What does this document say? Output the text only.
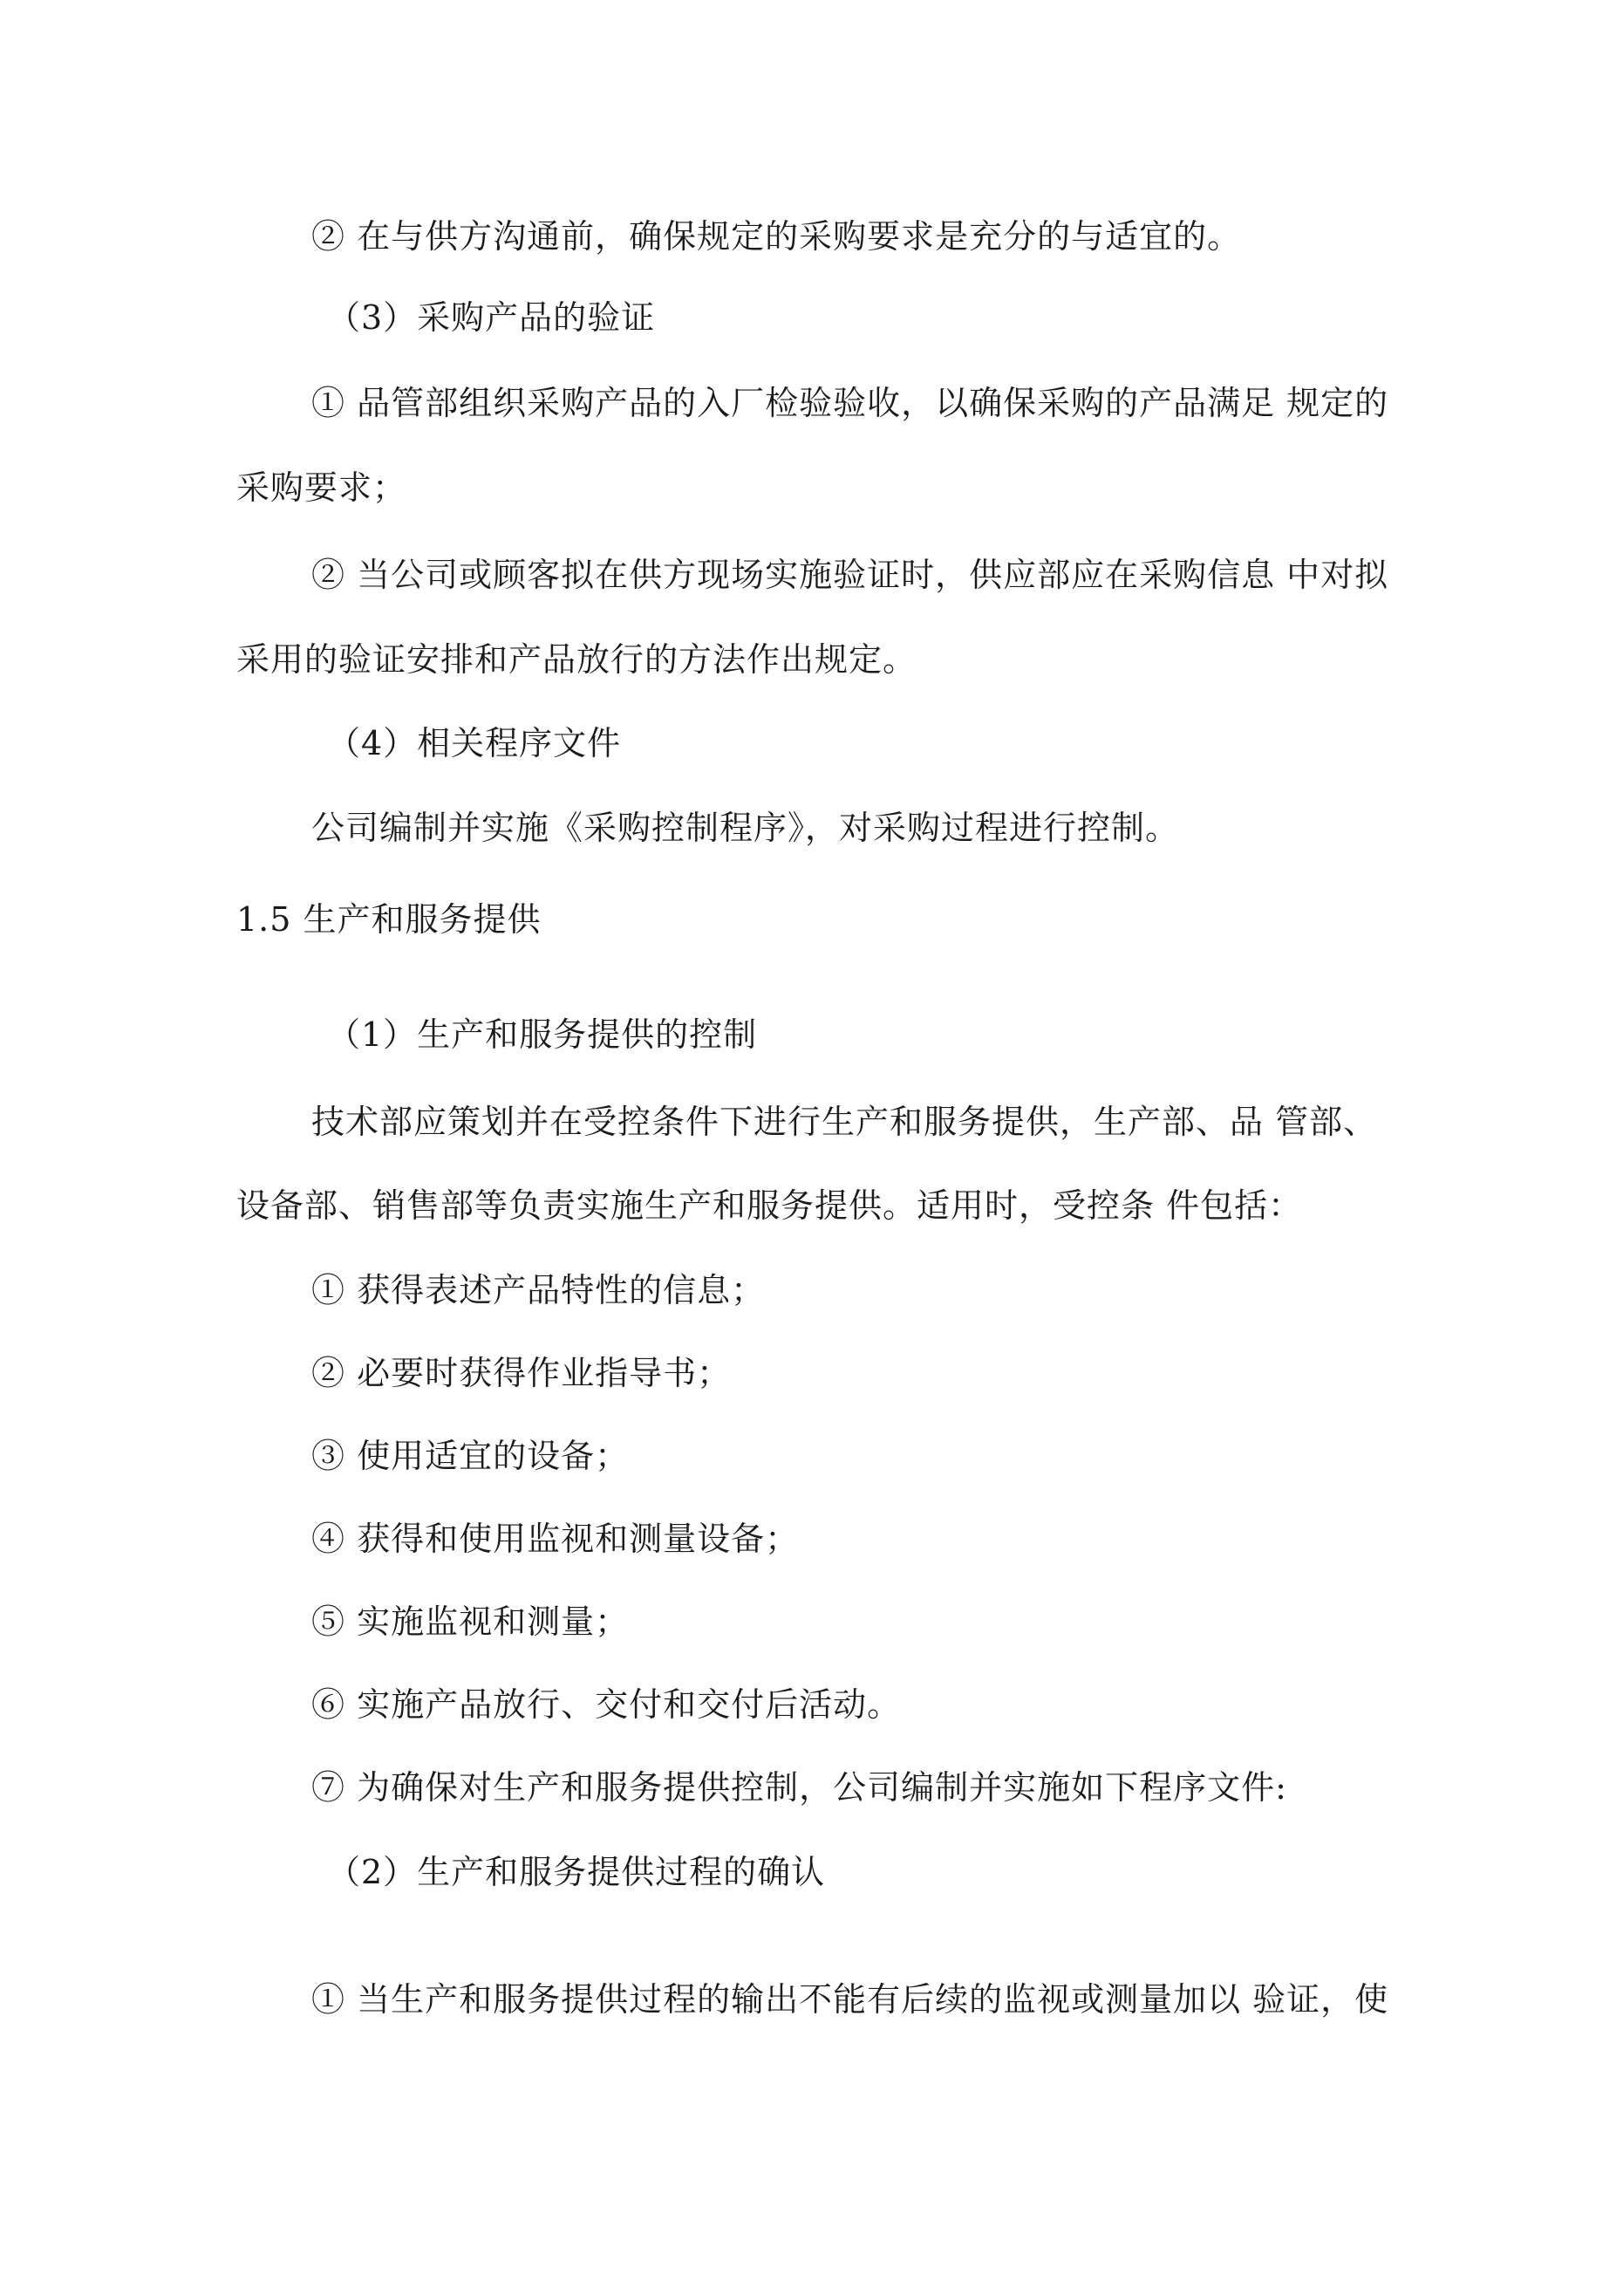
② 在与供方沟通前，确保规定的采购要求是充分的与适宜的。
（3）采购产品的验证
① 品管部组织采购产品的入厂检验验收，以确保采购的产品满足 规定的
采购要求；
② 当公司或顾客拟在供方现场实施验证时，供应部应在采购信息 中对拟
采用的验证安排和产品放行的方法作出规定。
（4）相关程序文件
公司编制并实施《采购控制程序》，对采购过程进行控制。
1.5 生产和服务提供
（1）生产和服务提供的控制
技术部应策划并在受控条件下进行生产和服务提供，生产部、品 管部、
设备部、销售部等负责实施生产和服务提供。适用时，受控条 件包括：
① 获得表述产品特性的信息；
② 必要时获得作业指导书；
③ 使用适宜的设备；
④ 获得和使用监视和测量设备；
⑤ 实施监视和测量；
⑥ 实施产品放行、交付和交付后活动。
⑦ 为确保对生产和服务提供控制，公司编制并实施如下程序文件:
（2）生产和服务提供过程的确认
① 当生产和服务提供过程的输出不能有后续的监视或测量加以 验证，使
